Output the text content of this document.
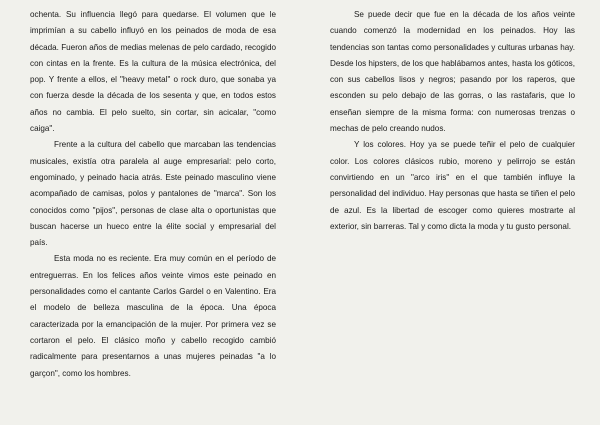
ochenta. Su influencia llegó para quedarse. El volumen que le imprimían a su cabello influyó en los peinados de moda de esa década. Fueron años de medias melenas de pelo cardado, recogido con cintas en la frente. Es la cultura de la música electrónica, del pop. Y frente a ellos, el "heavy metal" o rock duro, que sonaba ya con fuerza desde la década de los sesenta y que, en todos estos años no cambia. El pelo suelto, sin cortar, sin acicalar, "como caiga".

Frente a la cultura del cabello que marcaban las tendencias musicales, existía otra paralela al auge empresarial: pelo corto, engominado, y peinado hacia atrás. Este peinado masculino viene acompañado de camisas, polos y pantalones de "marca". Son los conocidos como "pijos", personas de clase alta o oportunistas que buscan hacerse un hueco entre la élite social y empresarial del país.

Esta moda no es reciente. Era muy común en el período de entreguerras. En los felices años veinte vimos este peinado en personalidades como el cantante Carlos Gardel o en Valentino. Era el modelo de belleza masculina de la época. Una época caracterizada por la emancipación de la mujer. Por primera vez se cortaron el pelo. El clásico moño y cabello recogido cambió radicalmente para presentarnos a unas mujeres peinadas "a lo garçon", como los hombres.

Se puede decir que fue en la década de los años veinte cuando comenzó la modernidad en los peinados. Hoy las tendencias son tantas como personalidades y culturas urbanas hay. Desde los hipsters, de los que hablábamos antes, hasta los góticos, con sus cabellos lisos y negros; pasando por los raperos, que esconden su pelo debajo de las gorras, o las rastafaris, que lo enseñan siempre de la misma forma: con numerosas trenzas o mechas de pelo creando nudos.

Y los colores. Hoy ya se puede teñir el pelo de cualquier color. Los colores clásicos rubio, moreno y pelirrojo se están convirtiendo en un "arco iris" en el que también influye la personalidad del individuo. Hay personas que hasta se tiñen el pelo de azul. Es la libertad de escoger como quieres mostrarte al exterior, sin barreras. Tal y como dicta la moda y tu gusto personal.
